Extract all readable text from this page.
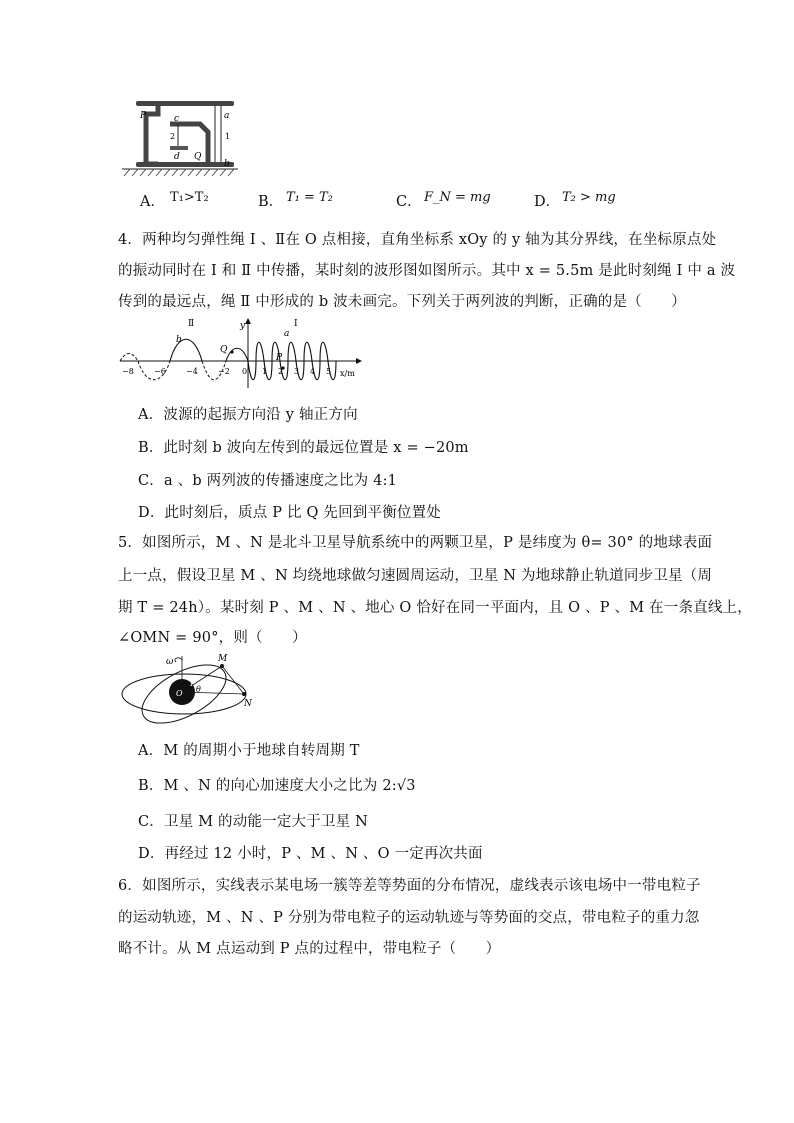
P	a
c
2	1
d Q
b
A． T₁>T₂	B． T₁ = T₂	C． F_N = mg	D． T₂ > mg
4．两种均匀弹性绳 Ⅰ 、Ⅱ在 O 点相接，直角坐标系 xOy 的 y 轴为其分界线，在坐标原点处
的振动同时在 Ⅰ 和 Ⅱ 中传播，某时刻的波形图如图所示。其中 x = 5.5m 是此时刻绳 Ⅰ 中 a 波
传到的最远点，绳 Ⅱ 中形成的 b 波未画完。下列关于两列波的判断，正确的是（　　）
Ⅱ	Ⅰ
y
b
a
Q
P
x/m
−8	−6	−4	−2 0 1 2 3 4 5
A．波源的起振方向沿 y 轴正方向
B．此时刻 b 波向左传到的最远位置是 x = −20m
C．a 、b 两列波的传播速度之比为 4:1
D．此时刻后，质点 P 比 Q 先回到平衡位置处
5．如图所示，M 、N 是北斗卫星导航系统中的两颗卫星，P 是纬度为 θ= 30° 的地球表面
上一点，假设卫星 M 、N 均绕地球做匀速圆周运动，卫星 N 为地球静止轨道同步卫星（周
期 T = 24h）。某时刻 P 、M 、N 、地心 O 恰好在同一平面内，且 O 、P 、M 在一条直线上，
∠OMN = 90°，则（　　）
ω	M
P
θ
O
N
A．M 的周期小于地球自转周期 T
B．M 、N 的向心加速度大小之比为 2:√3
C．卫星 M 的动能一定大于卫星 N
D．再经过 12 小时，P 、M 、N 、O 一定再次共面
6．如图所示，实线表示某电场一簇等差等势面的分布情况，虚线表示该电场中一带电粒子
的运动轨迹，M 、N 、P 分别为带电粒子的运动轨迹与等势面的交点，带电粒子的重力忽
略不计。从 M 点运动到 P 点的过程中，带电粒子（　　）
